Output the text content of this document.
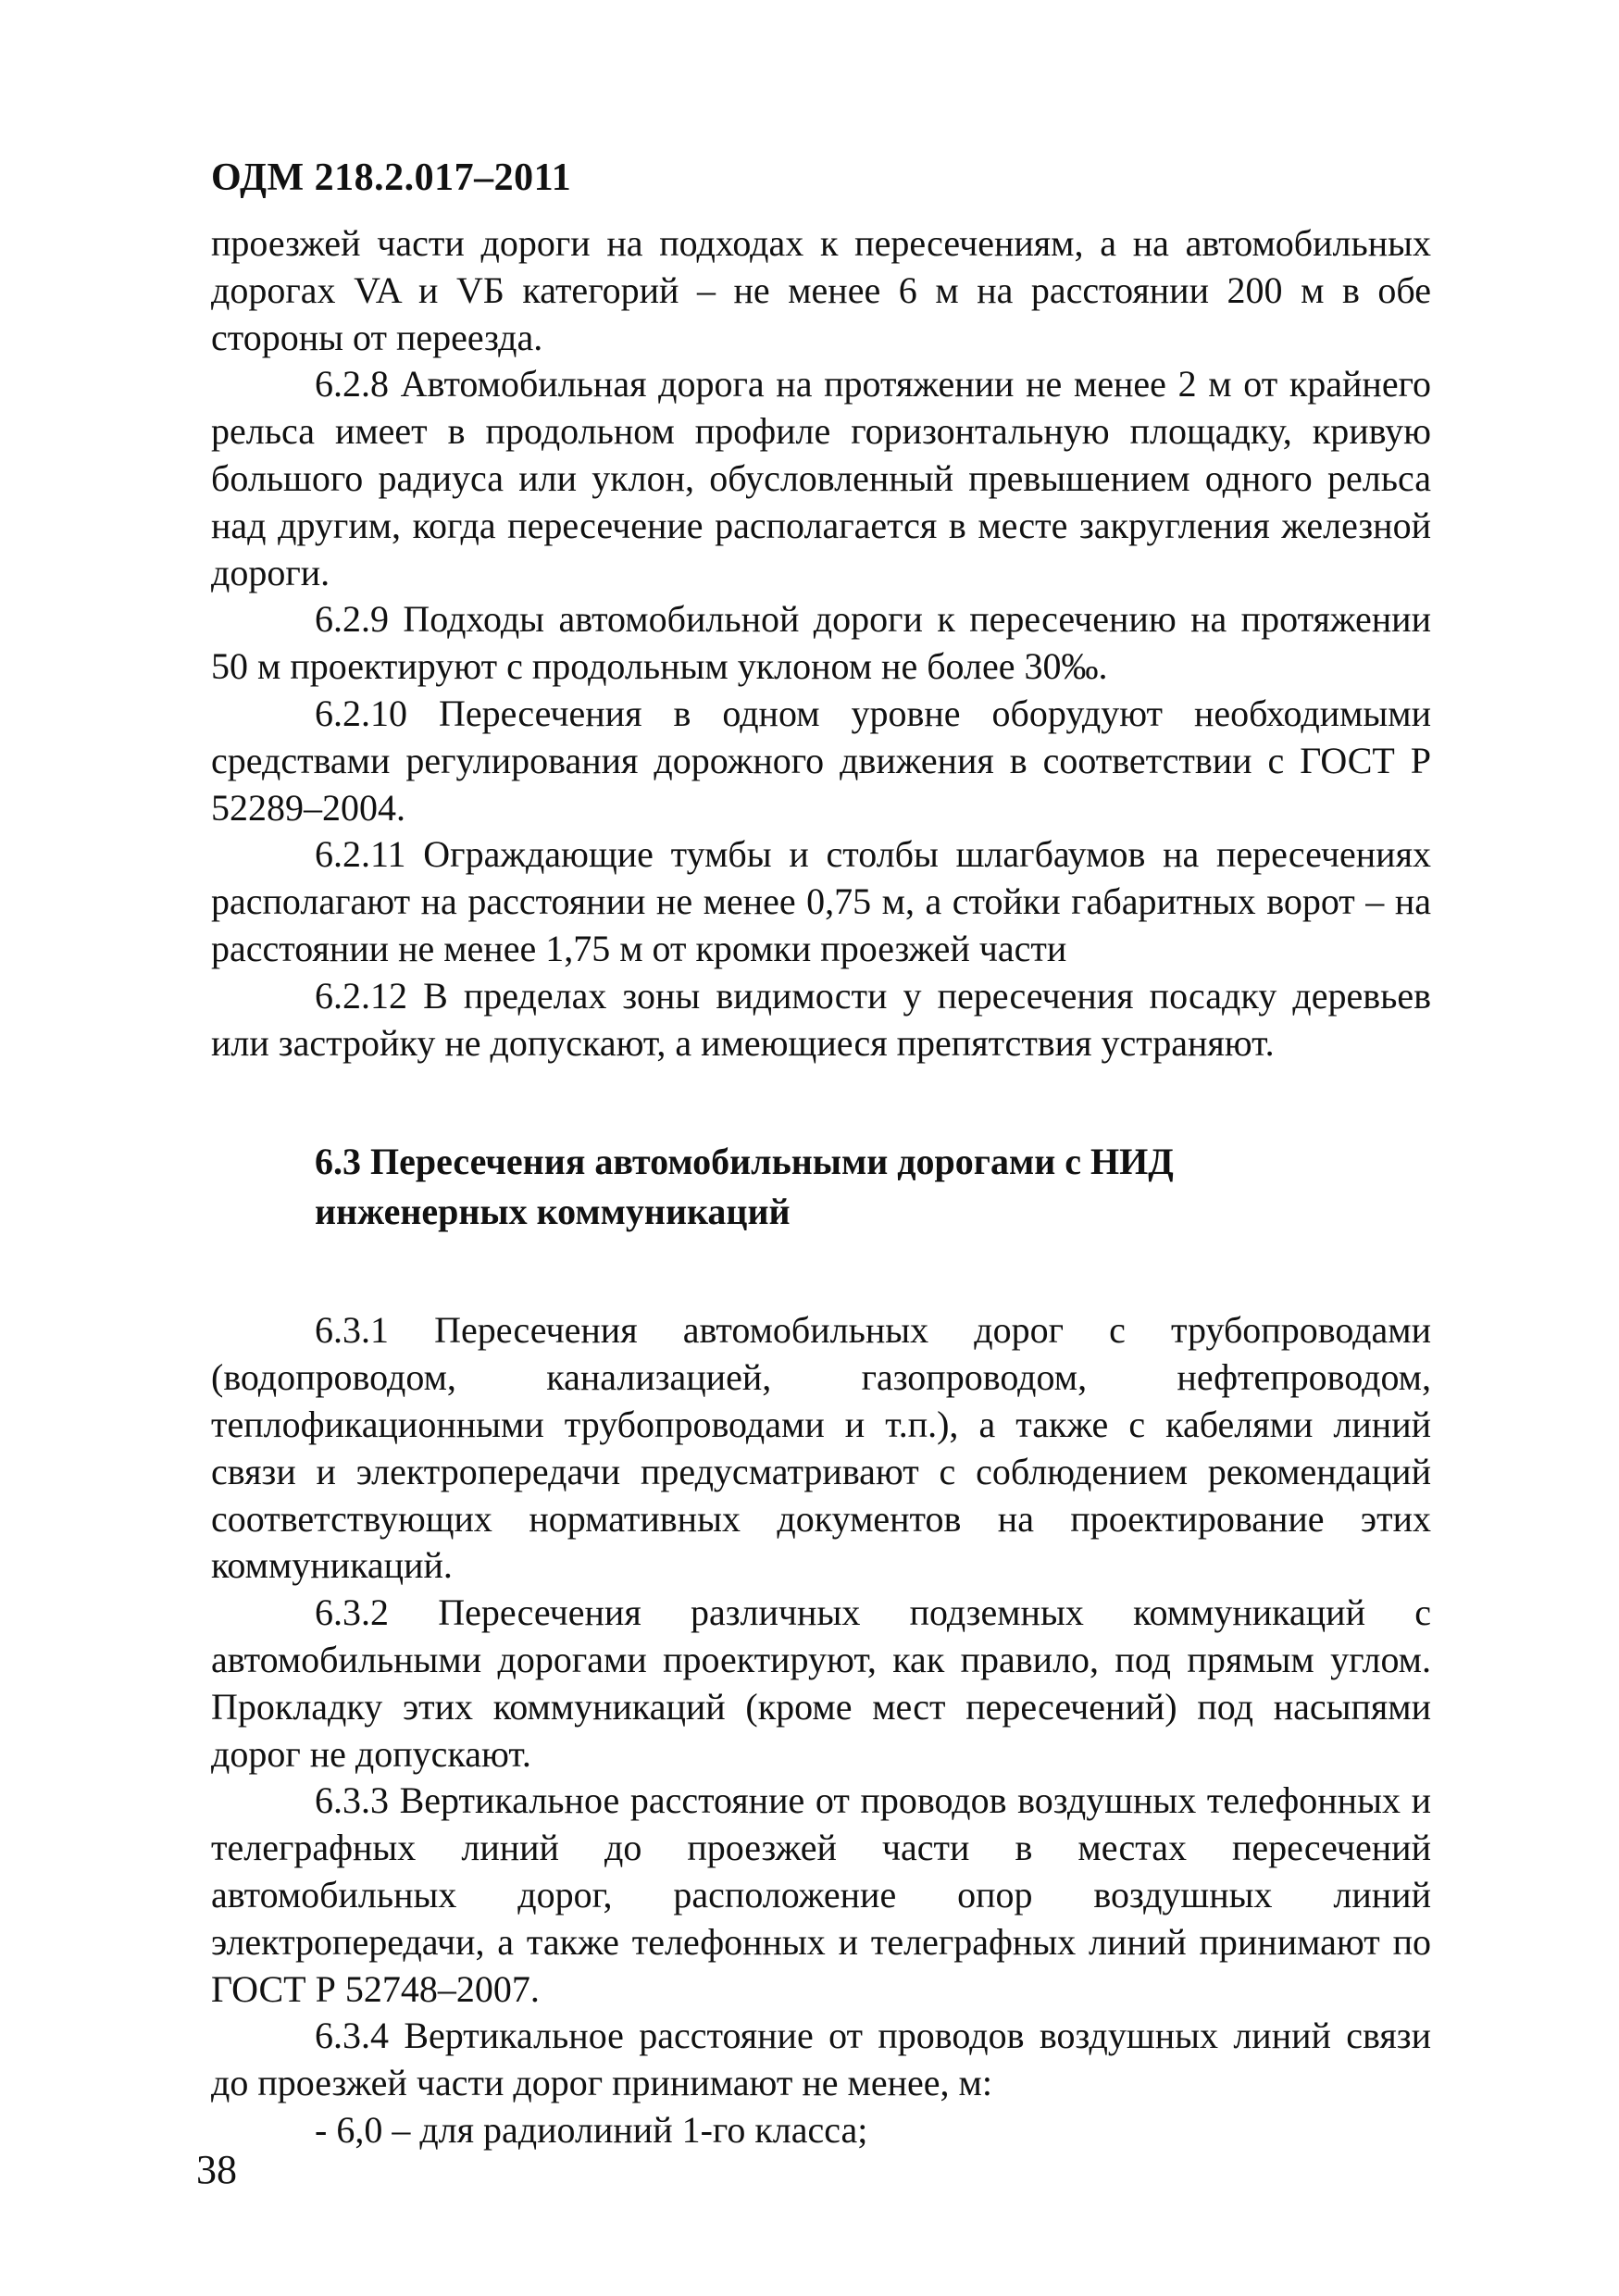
ОДМ 218.2.017–2011

проезжей части дороги на подходах к пересечениям, а на автомобильных дорогах VA и VБ категорий – не менее 6 м на расстоянии 200 м в обе стороны от переезда.

6.2.8 Автомобильная дорога на протяжении не менее 2 м от крайнего рельса имеет в продольном профиле горизонтальную площадку, кривую большого радиуса или уклон, обусловленный превышением одного рельса над другим, когда пересечение располагается в месте закругления железной дороги.

6.2.9 Подходы автомобильной дороги к пересечению на протяжении 50 м проектируют с продольным уклоном не более 30‰.

6.2.10 Пересечения в одном уровне оборудуют необходимыми средствами регулирования дорожного движения в соответствии с ГОСТ Р 52289–2004.

6.2.11 Ограждающие тумбы и столбы шлагбаумов на пересечениях располагают на расстоянии не менее 0,75 м, а стойки габаритных ворот – на расстоянии не менее 1,75 м от кромки проезжей части

6.2.12 В пределах зоны видимости у пересечения посадку деревьев или застройку не допускают, а имеющиеся препятствия устраняют.

6.3 Пересечения автомобильными дорогами с НИД
инженерных коммуникаций

6.3.1 Пересечения автомобильных дорог с трубопроводами (водопроводом, канализацией, газопроводом, нефтепроводом, теплофикационными трубопроводами и т.п.), а также с кабелями линий связи и электропередачи предусматривают с соблюдением рекомендаций соответствующих нормативных документов на проектирование этих коммуникаций.

6.3.2 Пересечения различных подземных коммуникаций с автомобильными дорогами проектируют, как правило, под прямым углом. Прокладку этих коммуникаций (кроме мест пересечений) под насыпями дорог не допускают.

6.3.3 Вертикальное расстояние от проводов воздушных телефонных и телеграфных линий до проезжей части в местах пересечений автомобильных дорог, расположение опор воздушных линий электропередачи, а также телефонных и телеграфных линий принимают по ГОСТ Р 52748–2007.

6.3.4 Вертикальное расстояние от проводов воздушных линий связи до проезжей части дорог принимают не менее, м:

- 6,0 – для радиолиний 1-го класса;

38
